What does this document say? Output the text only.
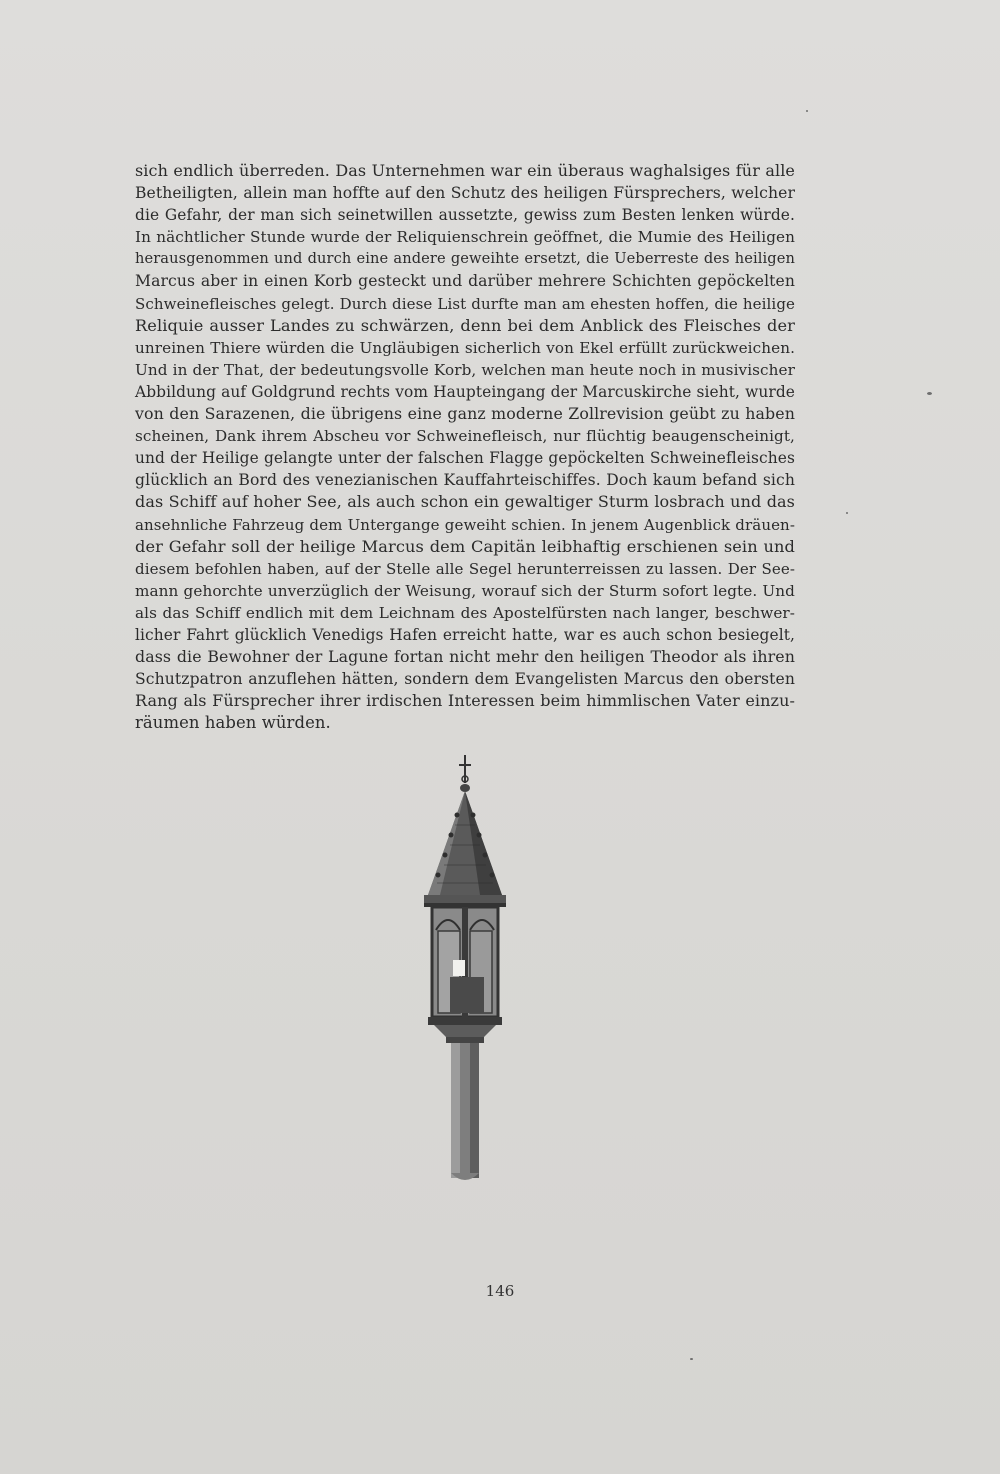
sich endlich überreden. Das Unternehmen war ein überaus waghalsiges für alle
Betheiligten, allein man hoffte auf den Schutz des heiligen Fürsprechers, welcher
die Gefahr, der man sich seinetwillen aussetzte, gewiss zum Besten lenken würde.
In nächtlicher Stunde wurde der Reliquienschrein geöffnet, die Mumie des Heiligen
herausgenommen und durch eine andere geweihte ersetzt, die Ueberreste des heiligen
Marcus aber in einen Korb gesteckt und darüber mehrere Schichten gepöckelten
Schweinefleisches gelegt. Durch diese List durfte man am ehesten hoffen, die heilige
Reliquie ausser Landes zu schwärzen, denn bei dem Anblick des Fleisches der
unreinen Thiere würden die Ungläubigen sicherlich von Ekel erfüllt zurückweichen.
Und in der That, der bedeutungsvolle Korb, welchen man heute noch in musivischer
Abbildung auf Goldgrund rechts vom Haupteingang der Marcuskirche sieht, wurde
von den Sarazenen, die übrigens eine ganz moderne Zollrevision geübt zu haben
scheinen, Dank ihrem Abscheu vor Schweinefleisch, nur flüchtig beaugenscheinigt,
und der Heilige gelangte unter der falschen Flagge gepöckelten Schweinefleisches
glücklich an Bord des venezianischen Kauffahrteischiffes. Doch kaum befand sich
das Schiff auf hoher See, als auch schon ein gewaltiger Sturm losbrach und das
ansehnliche Fahrzeug dem Untergange geweiht schien. In jenem Augenblick dräuen-
der Gefahr soll der heilige Marcus dem Capitän leibhaftig erschienen sein und
diesem befohlen haben, auf der Stelle alle Segel herunterreissen zu lassen. Der See-
mann gehorchte unverzüglich der Weisung, worauf sich der Sturm sofort legte. Und
als das Schiff endlich mit dem Leichnam des Apostelfürsten nach langer, beschwer-
licher Fahrt glücklich Venedigs Hafen erreicht hatte, war es auch schon besiegelt,
dass die Bewohner der Lagune fortan nicht mehr den heiligen Theodor als ihren
Schutzpatron anzuflehen hätten, sondern dem Evangelisten Marcus den obersten
Rang als Fürsprecher ihrer irdischen Interessen beim himmlischen Vater einzu-
räumen haben würden.
146
